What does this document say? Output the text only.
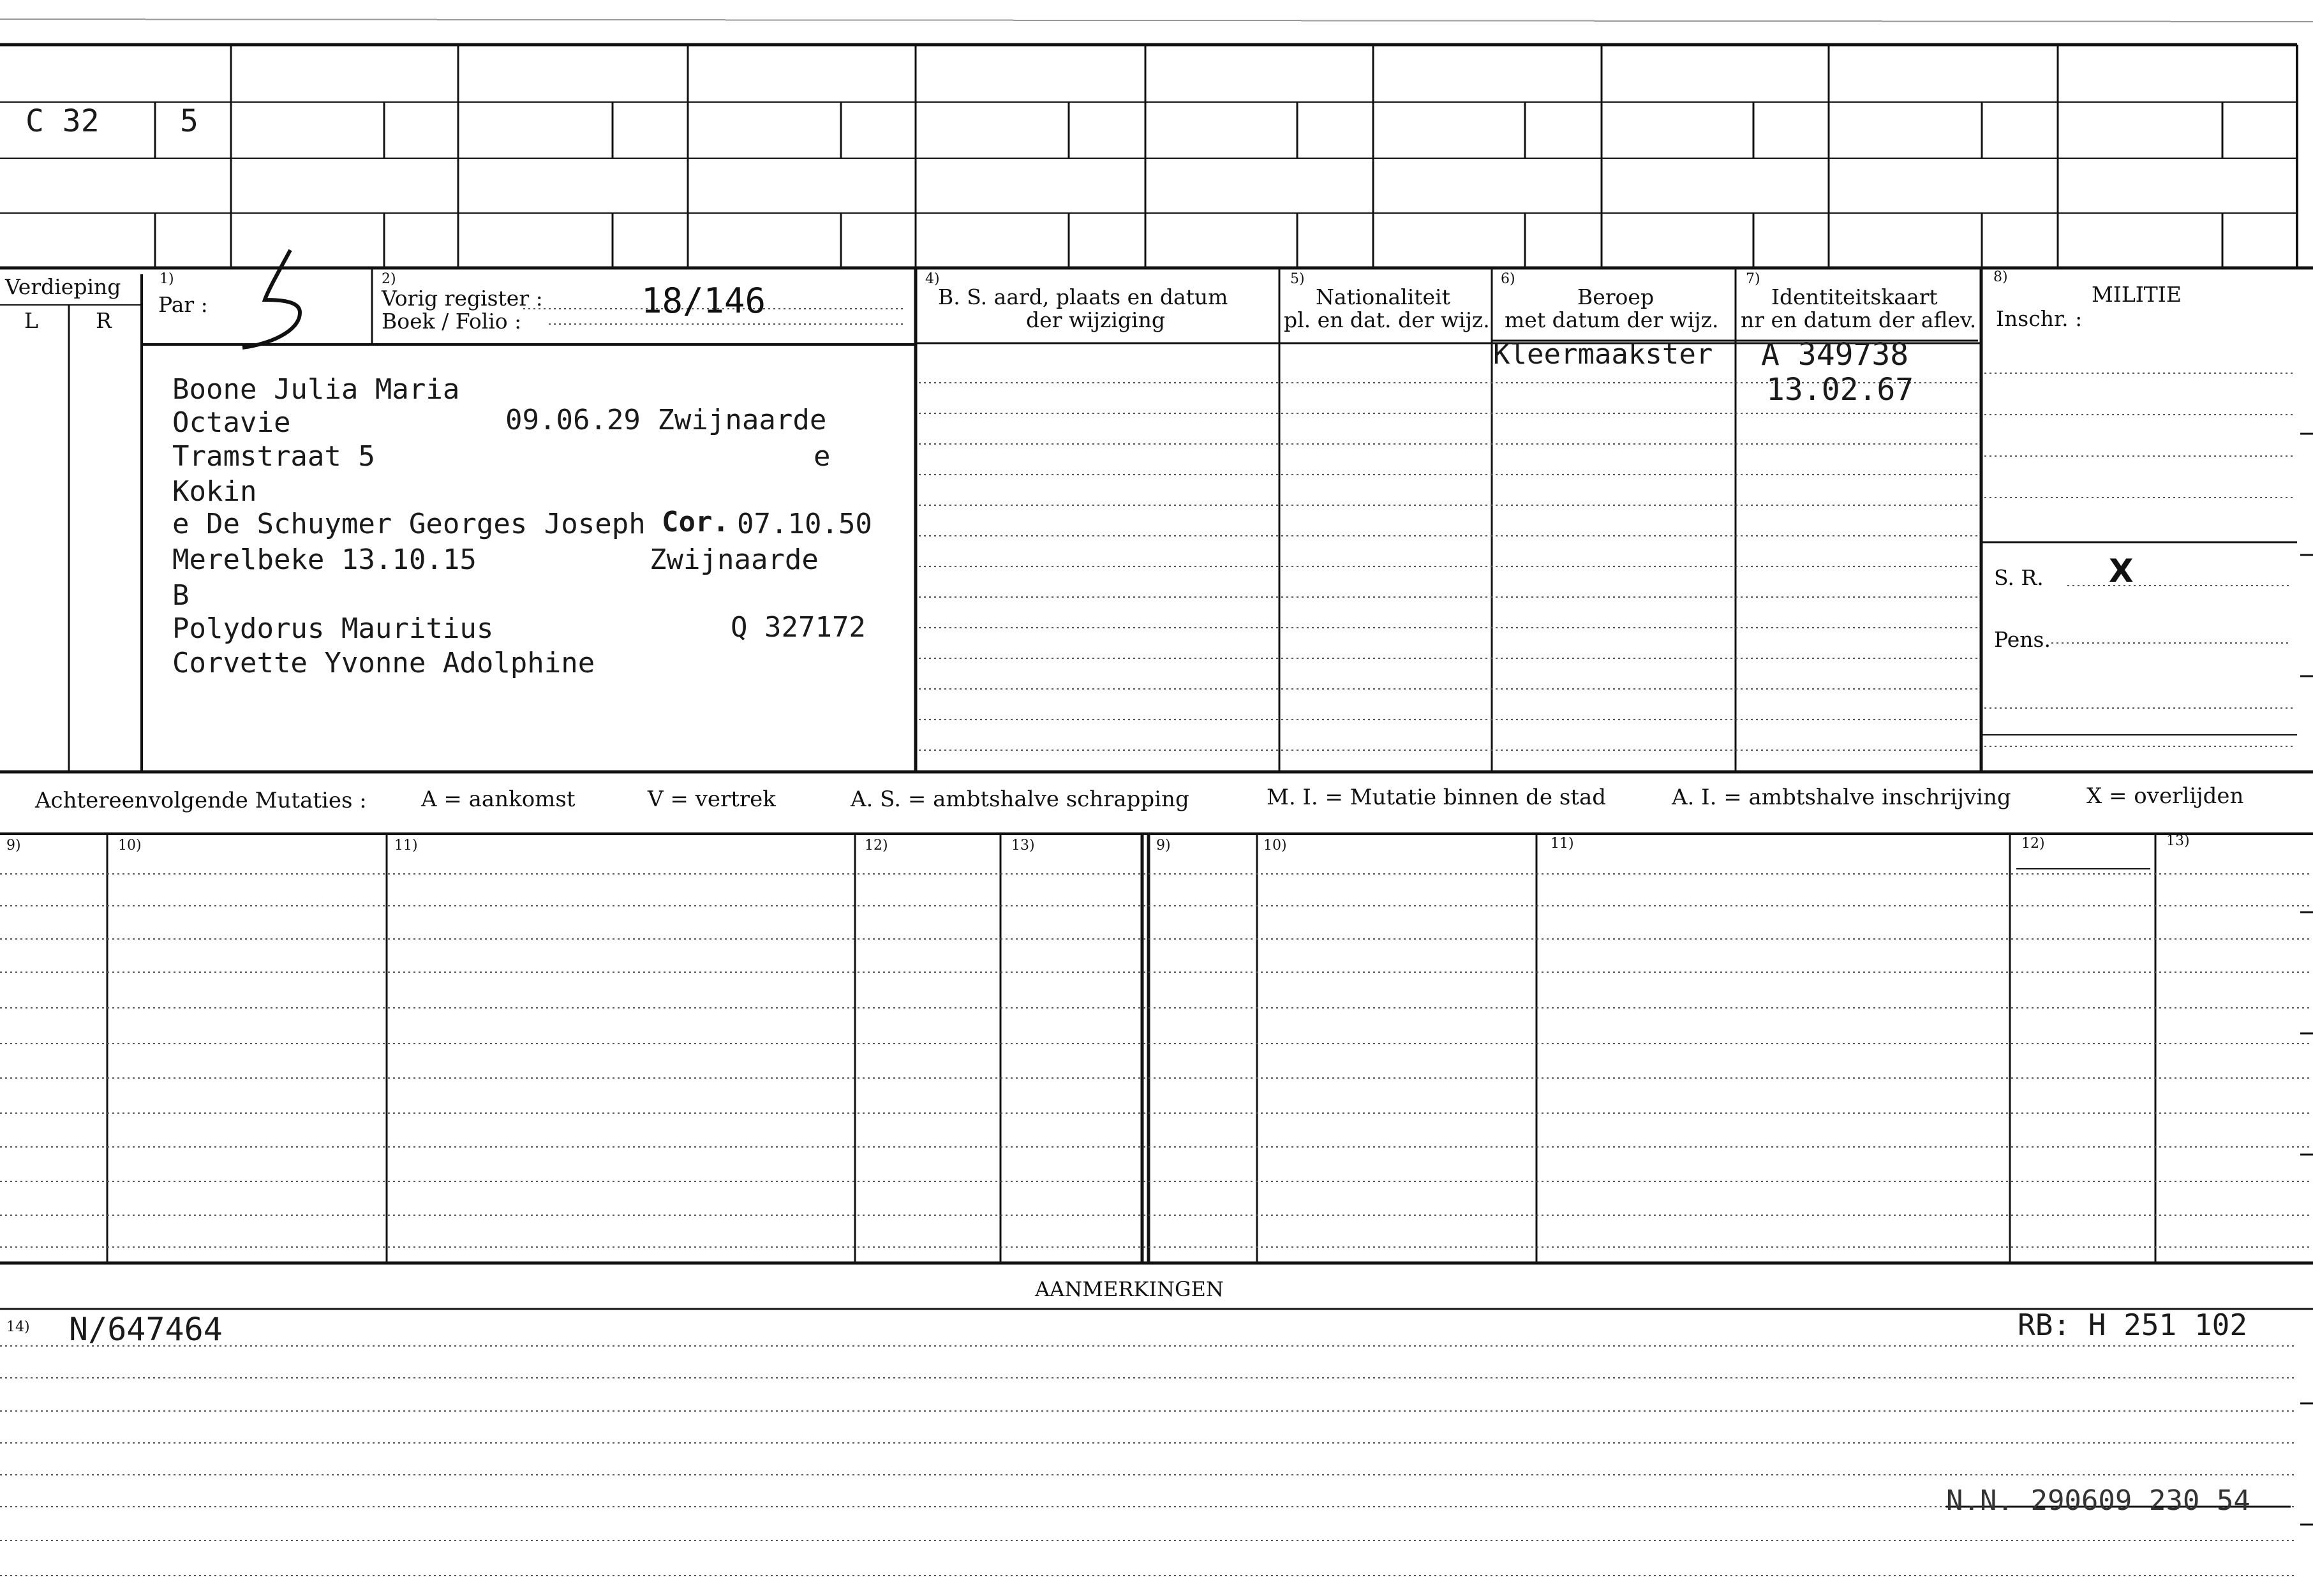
C 32	5
Verdieping
L	R
1)
Par :
2)
Vorig register :
Boek / Folio :
18/146
4)
B. S. aard, plaats en datum
der wijziging
5)
Nationaliteit
pl. en dat. der wijz.
6)
Beroep
met datum der wijz.
7)
Identiteitskaart
nr en datum der aflev.
8)
MILITIE
Inschr. :
S. R. X
Pens.
Boone Julia Maria
Octavie	09.06.29 Zwijnaarde
Tramstraat 5	e
Kokin
e De Schuymer Georges Joseph Cor. 07.10.50
Merelbeke 13.10.15	Zwijnaarde
B
Polydorus Mauritius	Q 327172
Corvette Yvonne Adolphine
Kleermaakster A 349738
13.02.67
Achtereenvolgende Mutaties :	A = aankomst	V = vertrek	A. S. = ambtshalve schrapping	M. I. = Mutatie binnen de stad	A. I. = ambtshalve inschrijving	X = overlijden
9)	10)	11)	12)	13)	9)	10)	11)	12)	13)
AANMERKINGEN
14) N/647464	RB: H 251 102
N.N. 290609 230 54
